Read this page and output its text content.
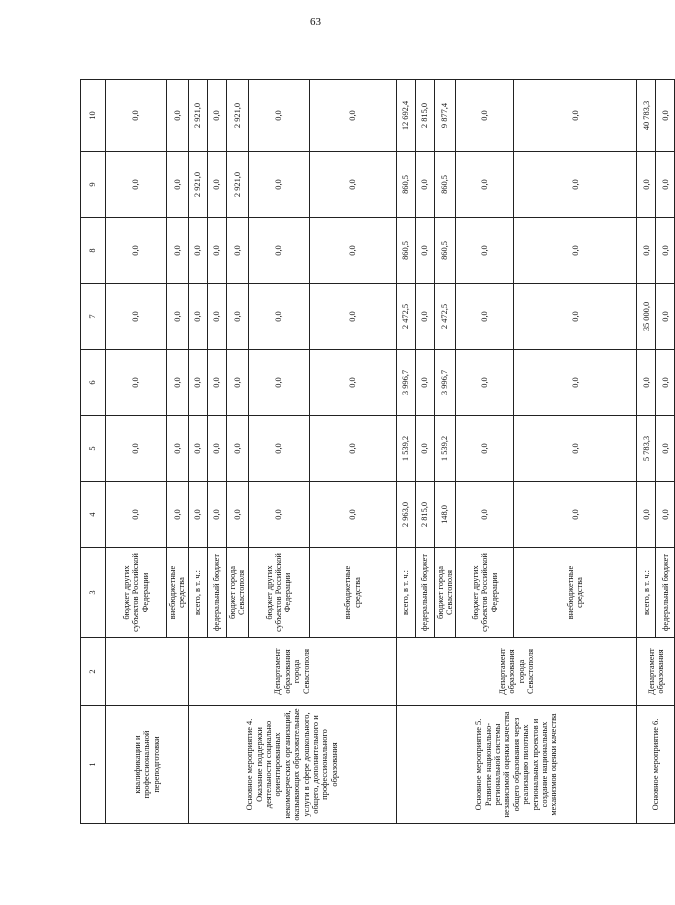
63
1	2	3	4	5	6	7	8	9	10
квалификации и профессиональной переподготовки		бюджет других субъектов Российской Федерации	0,0	0,0	0,0	0,0	0,0	0,0	0,0
		внебюджетные средства	0,0	0,0	0,0	0,0	0,0	0,0	0,0
Основное мероприятие 4. Оказание поддержки деятельности социально ориентированных некоммерческих организаций, оказывающих образовательные услуги в сфере дошкольного, общего, дополнительного и профессионального образования	Департамент образования города Севастополя	всего, в т. ч.:	0,0	0,0	0,0	0,0	0,0	2 921,0	2 921,0
		федеральный бюджет	0,0	0,0	0,0	0,0	0,0	0,0	0,0
		бюджет города Севастополя	0,0	0,0	0,0	0,0	0,0	2 921,0	2 921,0
		бюджет других субъектов Российской Федерации	0,0	0,0	0,0	0,0	0,0	0,0	0,0
		внебюджетные средства	0,0	0,0	0,0	0,0	0,0	0,0	0,0
Основное мероприятие 5. Развитие национально-региональной системы независимой оценки качества общего образования через реализацию пилотных региональных проектов и создание национальных механизмов оценки качества	Департамент образования города Севастополя	всего, в т. ч.:	2 963,0	1 539,2	3 996,7	2 472,5	860,5	860,5	12 692,4
		федеральный бюджет	2 815,0	0,0	0,0	0,0	0,0	0,0	2 815,0
		бюджет города Севастополя	148,0	1 539,2	3 996,7	2 472,5	860,5	860,5	9 877,4
		бюджет других субъектов Российской Федерации	0,0	0,0	0,0	0,0	0,0	0,0	0,0
		внебюджетные средства	0,0	0,0	0,0	0,0	0,0	0,0	0,0
Основное мероприятие 6.	Департамент образования	всего, в т. ч.:	0,0	5 783,3	0,0	35 000,0	0,0	0,0	40 783,3
		федеральный бюджет	0,0	0,0	0,0	0,0	0,0	0,0	0,0
